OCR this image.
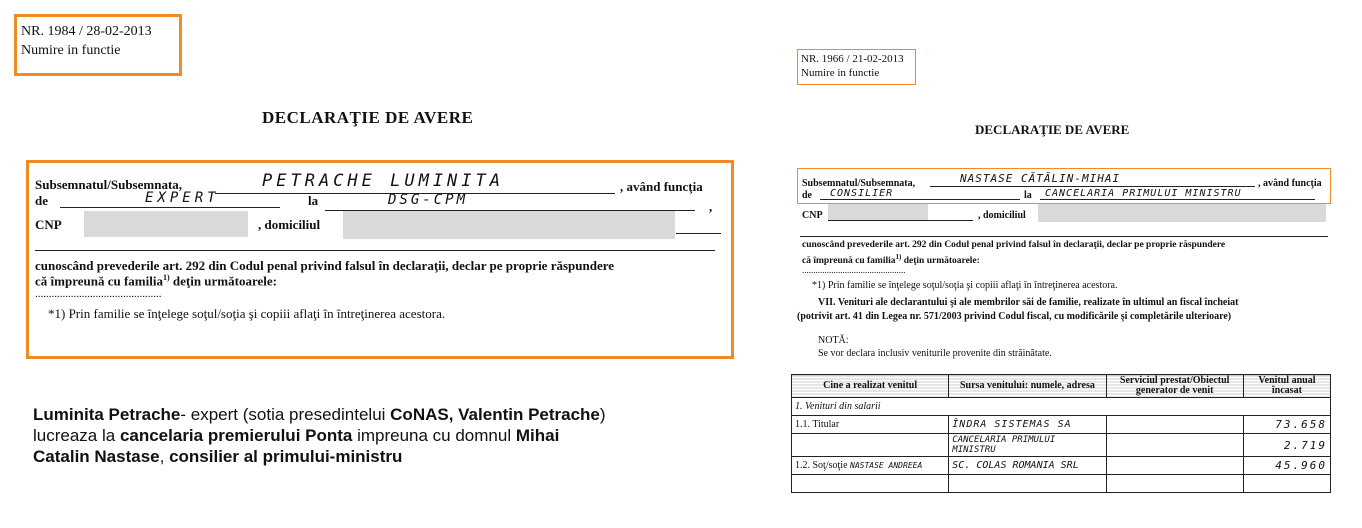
NR. 1984 / 28-02-2013
Numire in functie
DECLARAŢIE DE AVERE
Subsemnatul/Subsemnata,	PETRACHE LUMINITA	, având funcţia
de	EXPERT	la	DSG-CPM	,
CNP	, domiciliul
cunoscând prevederile art. 292 din Codul penal privind falsul în declaraţii, declar pe proprie răspundere
că împreună cu familia$^{1)}$ deţin următoarele:
..............................................
*1) Prin familie se înţelege soţul/soţia şi copiii aflaţi în întreţinerea acestora.
Luminita Petrache- expert (sotia presedintelui CoNAS, Valentin Petrache)
lucreaza la cancelaria premierului Ponta impreuna cu domnul Mihai
Catalin Nastase, consilier al primului-ministru
NR. 1966 / 21-02-2013
Numire in functie
DECLARAŢIE DE AVERE
Subsemnatul/Subsemnata,	NASTASE CĂTĂLIN-MIHAI	, având funcţia
de CONSILIER	la CANCELARIA PRIMULUI MINISTRU
CNP	, domiciliul
cunoscând prevederile art. 292 din Codul penal privind falsul în declaraţii, declar pe proprie răspundere
că împreună cu familia$^{1)}$ deţin următoarele:
..............................................
*1) Prin familie se înţelege soţul/soţia şi copiii aflaţi în întreţinerea acestora.
VII. Venituri ale declarantului şi ale membrilor săi de familie, realizate în ultimul an fiscal încheiat
(potrivit art. 41 din Legea nr. 571/2003 privind Codul fiscal, cu modificările şi completările ulterioare)
NOTĂ:
Se vor declara inclusiv veniturile provenite din străinătate.
Cine a realizat venitul	Sursa venitului: numele, adresa	Serviciul prestat/Obiectul generator de venit	Venitul anual încasat
1. Venituri din salarii			
1.1. Titular	ÎNDRA SISTEMAS SA		73.658
	CANCELARIA PRIMULUI MINISTRU		2.719
1.2. Soţ/soţie NASTASE ANDREEA	SC. COLAS ROMANIA SRL		45.960
